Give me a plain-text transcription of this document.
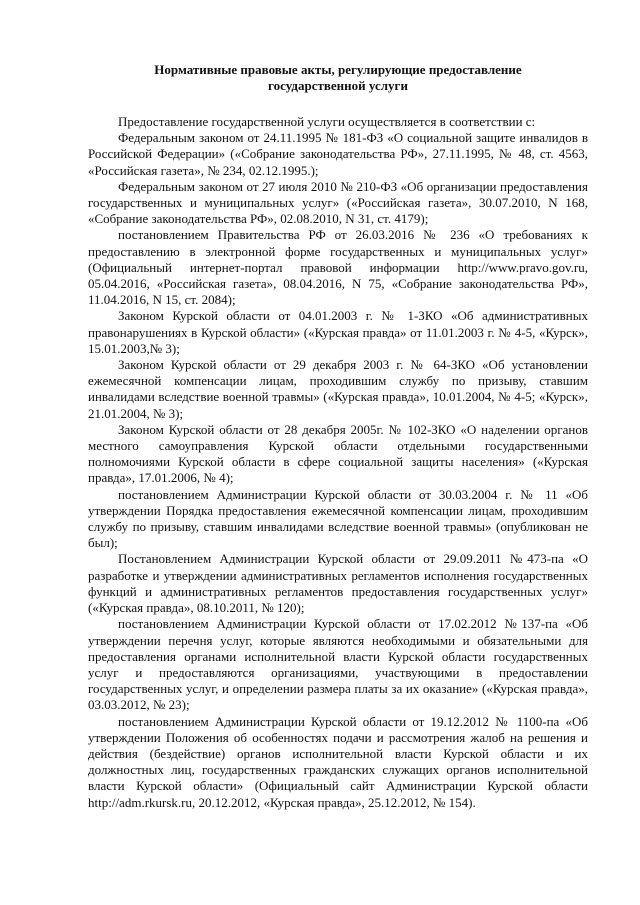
Нормативные правовые акты, регулирующие предоставление
государственной услуги

Предоставление государственной услуги осуществляется в соответствии с:

Федеральным законом от 24.11.1995 № 181-ФЗ «О социальной защите инвалидов в Российской Федерации» («Собрание законодательства РФ», 27.11.1995, № 48, ст. 4563, «Российская газета», № 234, 02.12.1995.);

Федеральным законом от 27 июля 2010 № 210-ФЗ «Об организации предоставления государственных и муниципальных услуг» («Российская газета», 30.07.2010, N 168, «Собрание законодательства РФ», 02.08.2010, N 31, ст. 4179);

постановлением Правительства РФ от 26.03.2016 № 236 «О требованиях к предоставлению в электронной форме государственных и муниципальных услуг» (Официальный интернет-портал правовой информации http://www.pravo.gov.ru, 05.04.2016, «Российская газета», 08.04.2016, N 75, «Собрание законодательства РФ», 11.04.2016, N 15, ст. 2084);

Законом Курской области от 04.01.2003 г. № 1-ЗКО «Об административных правонарушениях в Курской области» («Курская правда» от 11.01.2003 г. № 4-5, «Курск», 15.01.2003,№ 3);

Законом Курской области от 29 декабря 2003 г. № 64-ЗКО «Об установлении ежемесячной компенсации лицам, проходившим службу по призыву, ставшим инвалидами вследствие военной травмы» («Курская правда», 10.01.2004, № 4-5; «Курск», 21.01.2004, № 3);

Законом Курской области от 28 декабря 2005г. № 102-ЗКО «О наделении органов местного самоуправления Курской области отдельными государственными полномочиями Курской области в сфере социальной защиты населения» («Курская правда», 17.01.2006, № 4);

постановлением Администрации Курской области от 30.03.2004 г. № 11 «Об утверждении Порядка предоставления ежемесячной компенсации лицам, проходившим службу по призыву, ставшим инвалидами вследствие военной травмы» (опубликован не был);

Постановлением Администрации Курской области от 29.09.2011 №473-па «О разработке и утверждении административных регламентов исполнения государственных функций и административных регламентов предоставления государственных услуг» («Курская правда», 08.10.2011, № 120);

постановлением Администрации Курской области от 17.02.2012 №137-па «Об утверждении перечня услуг, которые являются необходимыми и обязательными для предоставления органами исполнительной власти Курской области государственных услуг и предоставляются организациями, участвующими в предоставлении государственных услуг, и определении размера платы за их оказание» («Курская правда», 03.03.2012, № 23);

постановлением Администрации Курской области от 19.12.2012 № 1100-па «Об утверждении Положения об особенностях подачи и рассмотрения жалоб на решения и действия (бездействие) органов исполнительной власти Курской области и их должностных лиц, государственных гражданских служащих органов исполнительной власти Курской области» (Официальный сайт Администрации Курской области http://adm.rkursk.ru, 20.12.2012, «Курская правда», 25.12.2012, № 154).
